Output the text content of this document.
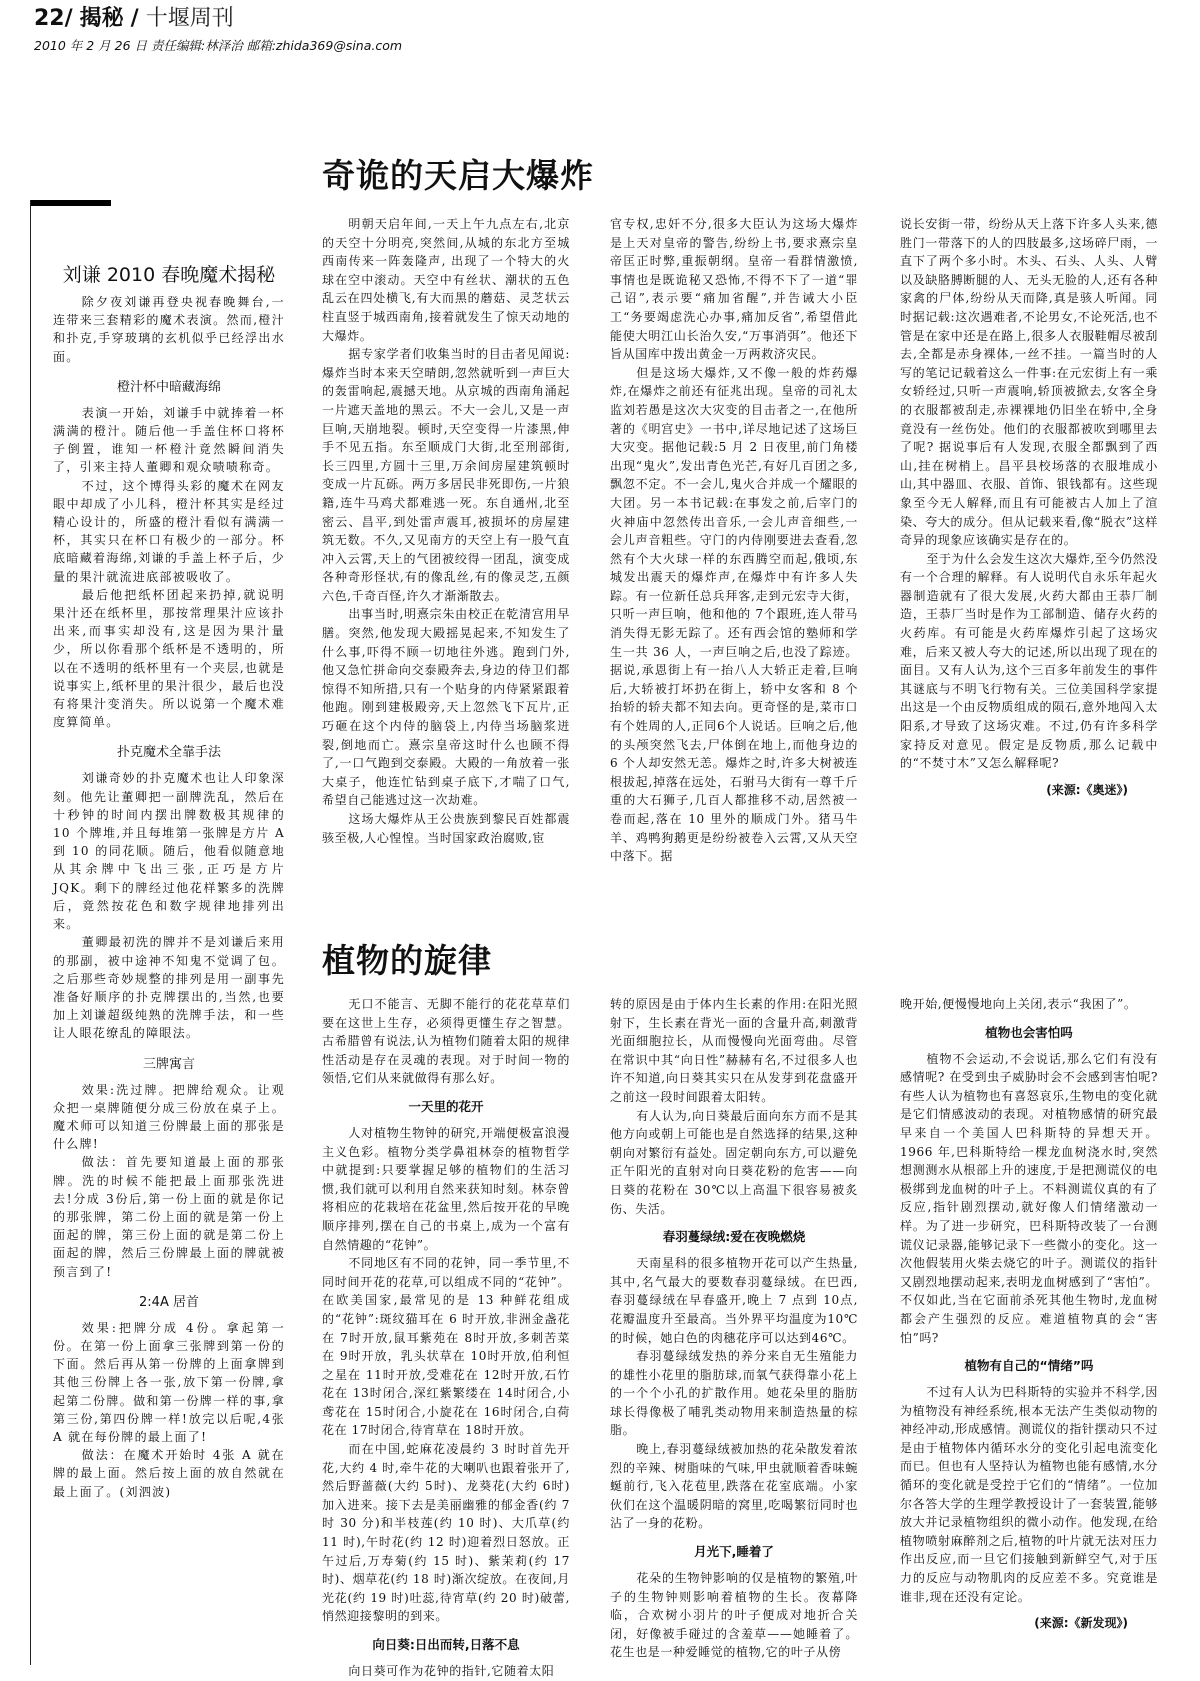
22/ 揭秘 / 十堰周刊
2010 年 2 月 26 日 责任编辑:林泽治 邮箱:zhida369@sina.com
刘谦 2010 春晚魔术揭秘

除夕夜刘谦再登央视春晚舞台,一连带来三套精彩的魔术表演。然而,橙汁和扑克,手穿玻璃的玄机似乎已经浮出水面。

橙汁杯中暗藏海绵

表演一开始，刘谦手中就捧着一杯满满的橙汁。随后他一手盖住杯口将杯子倒置，谁知一杯橙汁竟然瞬间消失了，引来主持人董卿和观众啧啧称奇。

不过，这个博得头彩的魔术在网友眼中却成了小儿科，橙汁杯其实是经过精心设计的，所盛的橙汁看似有满满一杯，其实只在杯口有极少的一部分。杯底暗藏着海绵,刘谦的手盖上杯子后，少量的果汁就流进底部被吸收了。

最后他把纸杯团起来扔掉,就说明果汁还在纸杯里，那按常理果汁应该扑出来,而事实却没有,这是因为果汁量少，所以你看那个纸杯是不透明的，所以在不透明的纸杯里有一个夹层,也就是说事实上,纸杯里的果汁很少，最后也没有将果汁变消失。所以说第一个魔术难度算简单。

扑克魔术全靠手法

刘谦奇妙的扑克魔术也让人印象深刻。他先让董卿把一副牌洗乱，然后在十秒钟的时间内摆出牌数极其规律的 10 个牌堆,并且每堆第一张牌是方片 A 到 10 的同花顺。随后，他看似随意地从其余牌中飞出三张,正巧是方片 JQK。剩下的牌经过他花样繁多的洗牌后，竟然按花色和数字规律地排列出来。

董卿最初洗的牌并不是刘谦后来用的那副，被中途神不知鬼不觉调了包。之后那些奇妙规整的排列是用一副事先准备好顺序的扑克牌摆出的,当然,也要加上刘谦超级纯熟的洗牌手法，和一些让人眼花缭乱的障眼法。

三牌寓言

效果:洗过牌。把牌给观众。让观众把一桌牌随便分成三份放在桌子上。魔术师可以知道三份牌最上面的那张是什么牌!

做法：首先要知道最上面的那张牌。洗的时候不能把最上面那张洗进去!分成 3份后,第一份上面的就是你记的那张牌，第二份上面的就是第一份上面起的牌，第三份上面的就是第二份上面起的牌，然后三份牌最上面的牌就被预言到了!

2:4A 居首

效果:把牌分成 4份。拿起第一份。在第一份上面拿三张牌到第一份的下面。然后再从第一份牌的上面拿牌到其他三份牌上各一张,放下第一份牌,拿起第二份牌。做和第一份牌一样的事,拿第三份,第四份牌一样!放完以后呢,4张 A 就在每份牌的最上面了!

做法：在魔术开始时 4张 A 就在牌的最上面。然后按上面的放自然就在最上面了。(刘泗波)

奇诡的天启大爆炸

明朝天启年间,一天上午九点左右,北京的天空十分明亮,突然间,从城的东北方至城西南传来一阵轰隆声, 出现了一个特大的火球在空中滚动。天空中有丝状、潮状的五色乱云在四处横飞,有大而黑的蘑菇、灵芝状云柱直竖于城西南角,接着就发生了惊天动地的大爆炸。

据专家学者们收集当时的目击者见闻说:爆炸当时本来天空晴朗,忽然就听到一声巨大的轰雷响起,震撼天地。从京城的西南角涌起一片遮天盖地的黑云。不大一会儿,又是一声巨响,天崩地裂。顿时,天空变得一片漆黑,伸手不见五指。东至顺成门大街,北至刑部街,长三四里,方圆十三里,万余间房屋建筑顿时变成一片瓦砾。两万多居民非死即伤,一片狼籍,连牛马鸡犬都难逃一死。东自通州,北至密云、昌平,到处雷声震耳,被损坏的房屋建筑无数。不久,又见南方的天空上有一股气直冲入云霄,天上的气团被绞得一团乱，演变成各种奇形怪状,有的像乱丝,有的像灵芝,五颜六色,千奇百怪,许久才渐渐散去。

出事当时,明熹宗朱由校正在乾清宫用早膳。突然,他发现大殿摇晃起来,不知发生了什么事,吓得不顾一切地往外逃。跑到门外,他又急忙拼命向交泰殿奔去,身边的侍卫们都惊得不知所措,只有一个贴身的内侍紧紧跟着他跑。刚到建极殿旁,天上忽然飞下瓦片,正巧砸在这个内侍的脑袋上,内侍当场脑浆迸裂,倒地而亡。熹宗皇帝这时什么也顾不得了,一口气跑到交泰殿。大殿的一角放着一张大桌子，他连忙钻到桌子底下,才喘了口气,希望自己能逃过这一次劫难。

这场大爆炸从王公贵族到黎民百姓都震骇至极,人心惶惶。当时国家政治腐败,宦

官专权,忠奸不分,很多大臣认为这场大爆炸是上天对皇帝的警告,纷纷上书,要求熹宗皇帝匡正时弊,重振朝纲。皇帝一看群情激愤,事情也是既诡秘又恐怖,不得不下了一道“罪己诏”,表示要“痛加省醒”,并告诫大小臣工“务要竭虑洗心办事,痛加反省”,希望借此能使大明江山长治久安,“万事消弭”。他还下旨从国库中拨出黄金一万两救济灾民。

但是这场大爆炸,又不像一般的炸药爆炸,在爆炸之前还有征兆出现。皇帝的司礼太监刘若愚是这次大灾变的目击者之一,在他所著的《明宫史》一书中,详尽地记述了这场巨大灾变。据他记载:5 月 2 日夜里,前门角楼出现“鬼火”,发出青色光芒,有好几百团之多,飘忽不定。不一会儿,鬼火合并成一个耀眼的大团。另一本书记载:在事发之前,后宰门的火神庙中忽然传出音乐,一会儿声音细些,一会儿声音粗些。守门的内侍刚要进去查看,忽然有个大火球一样的东西腾空而起,俄顷,东城发出震天的爆炸声,在爆炸中有许多人失踪。有一位新任总兵拜客,走到元宏寺大街，只听一声巨响，他和他的 7个跟班,连人带马消失得无影无踪了。还有西会馆的塾师和学生一共 36 人，一声巨响之后,也没了踪迹。据说,承恩街上有一抬八人大轿正走着,巨响后,大轿被打坏扔在街上，轿中女客和 8 个抬轿的轿夫都不知去向。更奇怪的是,菜市口有个姓周的人,正同6个人说话。巨响之后,他的头颅突然飞去,尸体倒在地上,而他身边的 6 个人却安然无恙。爆炸之时,许多大树被连根拔起,掉落在远处，石驸马大街有一尊千斤重的大石狮子,几百人都推移不动,居然被一卷而起,落在 10 里外的顺成门外。猪马牛羊、鸡鸭狗鹅更是纷纷被卷入云霄,又从天空中落下。据

说长安街一带，纷纷从天上落下许多人头来,德胜门一带落下的人的四肢最多,这场碎尸雨，一直下了两个多小时。木头、石头、人头、人臂以及缺胳膊断腿的人、无头无脸的人,还有各种家禽的尸体,纷纷从天而降,真是骇人听闻。同时据记载:这次遇难者,不论男女,不论死活,也不管是在家中还是在路上,很多人衣服鞋帽尽被刮去,全都是赤身裸体,一丝不挂。一篇当时的人写的笔记记载着这么一件事:在元宏街上有一乘女轿经过,只听一声震响,轿顶被掀去,女客全身的衣服都被刮走,赤裸裸地仍旧坐在轿中,全身竟没有一丝伤处。他们的衣服都被吹到哪里去了呢? 据说事后有人发现,衣服全都飘到了西山,挂在树梢上。昌平县校场落的衣服堆成小山,其中器皿、衣服、首饰、银钱都有。这些现象至今无人解释,而且有可能被古人加上了渲染、夸大的成分。但从记载来看,像“脱衣”这样奇异的现象应该确实是存在的。

至于为什么会发生这次大爆炸,至今仍然没有一个合理的解释。有人说明代自永乐年起火器制造就有了很大发展,火药大都由王恭厂制造，王恭厂当时是作为工部制造、储存火药的火药库。有可能是火药库爆炸引起了这场灾难，后来又被人夸大的记述,所以出现了现在的面目。又有人认为,这个三百多年前发生的事件其谜底与不明飞行物有关。三位美国科学家提出这是一个由反物质组成的陨石,意外地闯入太阳系,才导致了这场灾难。不过,仍有许多科学家持反对意见。假定是反物质,那么记载中的“不焚寸木”又怎么解释呢?

(来源:《奥迷》)
植物的旋律

无口不能言、无脚不能行的花花草草们要在这世上生存，必须得更懂生存之智慧。古希腊曾有说法,认为植物们随着太阳的规律性活动是存在灵魂的表现。对于时间一物的领悟,它们从来就做得有那么好。

一天里的花开

人对植物生物钟的研究,开端便极富浪漫主义色彩。植物分类学鼻祖林奈的植物哲学中就提到:只要掌握足够的植物们的生活习惯,我们就可以利用自然来获知时刻。林奈曾将相应的花栽培在花盆里,然后按开花的早晚顺序排列,摆在自己的书桌上,成为一个富有自然情趣的“花钟”。

不同地区有不同的花钟，同一季节里,不同时间开花的花草,可以组成不同的“花钟”。在欧美国家,最常见的是 13 种鲜花组成的“花钟”:斑纹猫耳在 6 时开放,非洲金盏花在 7时开放,鼠耳紫苑在 8时开放,多刺苦菜在 9时开放，乳头状草在 10时开放,伯利恒之星在 11时开放,受难花在 12时开放,石竹花在 13时闭合,深红紫繁缕在 14时闭合,小鸢花在 15时闭合,小旋花在 16时闭合,白荷花在 17时闭合,待宵草在 18时开放。

而在中国,蛇麻花凌晨约 3 时时首先开花,大约 4 时,牵牛花的大喇叭也跟着张开了,然后野蔷薇(大约 5时)、龙葵花(大约 6时)加入进来。接下去是美丽幽雅的郁金香(约 7 时 30 分)和半枝莲(约 10 时)、大爪草(约 11 时),午时花(约 12 时)迎着烈日怒放。正午过后,万寿菊(约 15 时)、紫茉莉(约 17时)、烟草花(约 18 时)渐次绽放。在夜间,月光花(约 19 时)吐蕊,待宵草(约 20 时)破蕾,悄然迎接黎明的到来。

向日葵:日出而转,日落不息

向日葵可作为花钟的指针,它随着太阳

转的原因是由于体内生长素的作用:在阳光照射下，生长素在背光一面的含量升高,刺激背光面细胞拉长，从而慢慢向光面弯曲。尽管在常识中其“向日性”赫赫有名,不过很多人也许不知道,向日葵其实只在从发芽到花盘盛开之前这一段时间跟着太阳转。

有人认为,向日葵最后面向东方而不是其他方向或朝上可能也是自然选择的结果,这种朝向对繁衍有益处。固定朝向东方,可以避免正午阳光的直射对向日葵花粉的危害——向日葵的花粉在 30℃以上高温下很容易被炙伤、失活。

春羽蔓绿绒:爱在夜晚燃烧

天南星科的很多植物开花可以产生热量,其中,名气最大的要数春羽蔓绿绒。在巴西,春羽蔓绿绒在早春盛开,晚上 7 点到 10点,花瓣温度升至最高。当外界平均温度为10℃的时候，她白色的肉穗花序可以达到46℃。

春羽蔓绿绒发热的养分来自无生殖能力的雄性小花里的脂肪球,而氧气获得靠小花上的一个个小孔的扩散作用。她花朵里的脂肪球长得像极了哺乳类动物用来制造热量的棕脂。

晚上,春羽蔓绿绒被加热的花朵散发着浓烈的辛辣、树脂味的气味,甲虫就顺着香味蜿蜒前行,飞入花苞里,跌落在花室底端。小家伙们在这个温暖阴暗的窝里,吃喝繁衍同时也沾了一身的花粉。

月光下,睡着了

花朵的生物钟影响的仅是植物的繁殖,叶子的生物钟则影响着植物的生长。夜幕降临，合欢树小羽片的叶子便成对地折合关闭，好像被手碰过的含羞草——她睡着了。花生也是一种爱睡觉的植物,它的叶子从傍

晚开始,便慢慢地向上关闭,表示“我困了”。

植物也会害怕吗

植物不会运动,不会说话,那么它们有没有感情呢? 在受到虫子威胁时会不会感到害怕呢? 有些人认为植物也有喜怒哀乐,生物电的变化就是它们情感波动的表现。对植物感情的研究最早来自一个美国人巴科斯特的异想天开。1966 年,巴科斯特给一棵龙血树浇水时,突然想测测水从根部上升的速度,于是把测谎仪的电极绑到龙血树的叶子上。不料测谎仪真的有了反应,指针剧烈摆动,就好像人们情绪激动一样。为了进一步研究，巴科斯特改装了一台测谎仪记录器,能够记录下一些微小的变化。这一次他假装用火柴去烧它的叶子。测谎仪的指针又剧烈地摆动起来,表明龙血树感到了“害怕”。不仅如此,当在它面前杀死其他生物时,龙血树都会产生强烈的反应。难道植物真的会“害怕”吗?

植物有自己的“情绪”吗

不过有人认为巴科斯特的实验并不科学,因为植物没有神经系统,根本无法产生类似动物的神经冲动,形成感情。测谎仪的指针摆动只不过是由于植物体内循环水分的变化引起电流变化而已。但也有人坚持认为植物也能有感情,水分循环的变化就是受控于它们的“情绪”。一位加尔各答大学的生理学教授设计了一套装置,能够放大并记录植物组织的微小动作。他发现,在给植物喷射麻醉剂之后,植物的叶片就无法对压力作出反应,而一旦它们接触到新鲜空气,对于压力的反应与动物肌肉的反应差不多。究竟谁是谁非,现在还没有定论。

(来源:《新发现》)
